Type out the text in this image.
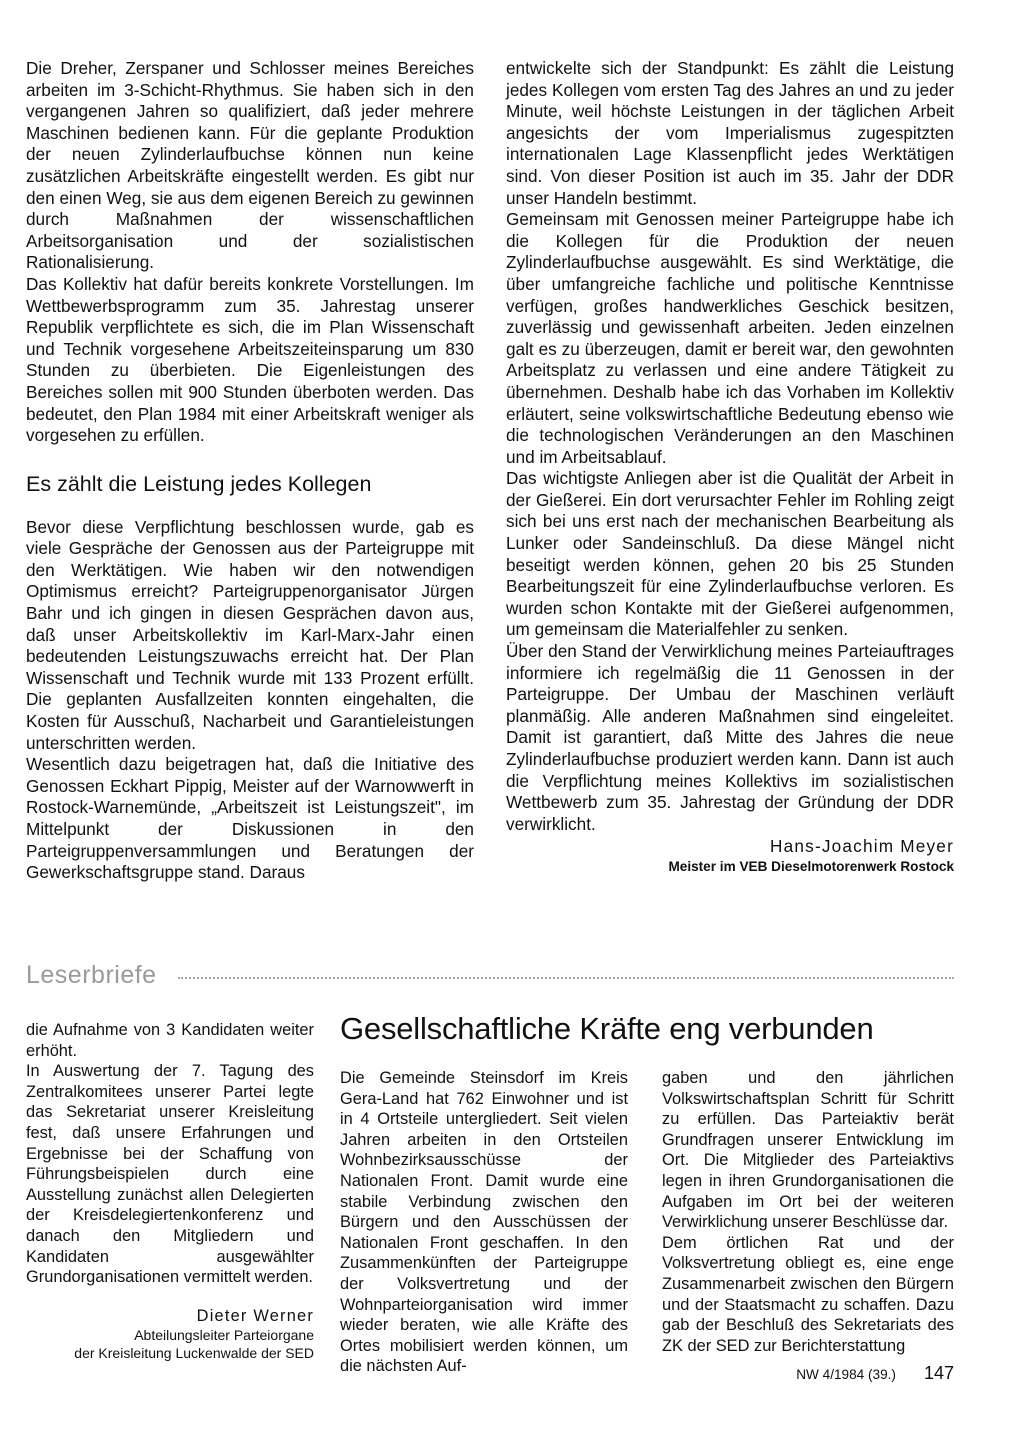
Die Dreher, Zerspaner und Schlosser meines Bereiches arbeiten im 3-Schicht-Rhythmus. Sie haben sich in den vergangenen Jahren so qualifiziert, daß jeder mehrere Maschinen bedienen kann. Für die geplante Produktion der neuen Zylinderlaufbuchse können nun keine zusätzlichen Arbeitskräfte eingestellt werden. Es gibt nur den einen Weg, sie aus dem eigenen Bereich zu gewinnen durch Maßnahmen der wissenschaftlichen Arbeitsorganisation und der sozialistischen Rationalisierung.

Das Kollektiv hat dafür bereits konkrete Vorstellungen. Im Wettbewerbsprogramm zum 35. Jahrestag unserer Republik verpflichtete es sich, die im Plan Wissenschaft und Technik vorgesehene Arbeitszeiteinsparung um 830 Stunden zu überbieten. Die Eigenleistungen des Bereiches sollen mit 900 Stunden überboten werden. Das bedeutet, den Plan 1984 mit einer Arbeitskraft weniger als vorgesehen zu erfüllen.

Es zählt die Leistung jedes Kollegen

Bevor diese Verpflichtung beschlossen wurde, gab es viele Gespräche der Genossen aus der Parteigruppe mit den Werktätigen. Wie haben wir den notwendigen Optimismus erreicht? Parteigruppenorganisator Jürgen Bahr und ich gingen in diesen Gesprächen davon aus, daß unser Arbeitskollektiv im Karl-Marx-Jahr einen bedeutenden Leistungszuwachs erreicht hat. Der Plan Wissenschaft und Technik wurde mit 133 Prozent erfüllt. Die geplanten Ausfallzeiten konnten eingehalten, die Kosten für Ausschuß, Nacharbeit und Garantieleistungen unterschritten werden.

Wesentlich dazu beigetragen hat, daß die Initiative des Genossen Eckhart Pippig, Meister auf der Warnowwerft in Rostock-Warnemünde, „Arbeitszeit ist Leistungszeit", im Mittelpunkt der Diskussionen in den Parteigruppenversammlungen und Beratungen der Gewerkschaftsgruppe stand. Daraus

entwickelte sich der Standpunkt: Es zählt die Leistung jedes Kollegen vom ersten Tag des Jahres an und zu jeder Minute, weil höchste Leistungen in der täglichen Arbeit angesichts der vom Imperialismus zugespitzten internationalen Lage Klassenpflicht jedes Werktätigen sind. Von dieser Position ist auch im 35. Jahr der DDR unser Handeln bestimmt.

Gemeinsam mit Genossen meiner Parteigruppe habe ich die Kollegen für die Produktion der neuen Zylinderlaufbuchse ausgewählt. Es sind Werktätige, die über umfangreiche fachliche und politische Kenntnisse verfügen, großes handwerkliches Geschick besitzen, zuverlässig und gewissenhaft arbeiten. Jeden einzelnen galt es zu überzeugen, damit er bereit war, den gewohnten Arbeitsplatz zu verlassen und eine andere Tätigkeit zu übernehmen. Deshalb habe ich das Vorhaben im Kollektiv erläutert, seine volkswirtschaftliche Bedeutung ebenso wie die technologischen Veränderungen an den Maschinen und im Arbeitsablauf.

Das wichtigste Anliegen aber ist die Qualität der Arbeit in der Gießerei. Ein dort verursachter Fehler im Rohling zeigt sich bei uns erst nach der mechanischen Bearbeitung als Lunker oder Sandeinschluß. Da diese Mängel nicht beseitigt werden können, gehen 20 bis 25 Stunden Bearbeitungszeit für eine Zylinderlaufbuchse verloren. Es wurden schon Kontakte mit der Gießerei aufgenommen, um gemeinsam die Materialfehler zu senken.

Über den Stand der Verwirklichung meines Parteiauftrages informiere ich regelmäßig die 11 Genossen in der Parteigruppe. Der Umbau der Maschinen verläuft planmäßig. Alle anderen Maßnahmen sind eingeleitet. Damit ist garantiert, daß Mitte des Jahres die neue Zylinderlaufbuchse produziert werden kann. Dann ist auch die Verpflichtung meines Kollektivs im sozialistischen Wettbewerb zum 35. Jahrestag der Gründung der DDR verwirklicht.

Hans-Joachim Meyer
Meister im VEB Dieselmotorenwerk Rostock
Leserbriefe

die Aufnahme von 3 Kandidaten weiter erhöht.

In Auswertung der 7. Tagung des Zentralkomitees unserer Partei legte das Sekretariat unserer Kreisleitung fest, daß unsere Erfahrungen und Ergebnisse bei der Schaffung von Führungsbeispielen durch eine Ausstellung zunächst allen Delegierten der Kreisdelegiertenkonferenz und danach den Mitgliedern und Kandidaten ausgewählter Grundorganisationen vermittelt werden.

Dieter Werner
Abteilungsleiter Parteiorgane
der Kreisleitung Luckenwalde der SED
Gesellschaftliche Kräfte eng verbunden

Die Gemeinde Steinsdorf im Kreis Gera-Land hat 762 Einwohner und ist in 4 Ortsteile untergliedert. Seit vielen Jahren arbeiten in den Ortsteilen Wohnbezirksausschüsse der Nationalen Front. Damit wurde eine stabile Verbindung zwischen den Bürgern und den Ausschüssen der Nationalen Front geschaffen. In den Zusammenkünften der Parteigruppe der Volksvertretung und der Wohnparteiorganisation wird immer wieder beraten, wie alle Kräfte des Ortes mobilisiert werden können, um die nächsten Auf-

gaben und den jährlichen Volkswirtschaftsplan Schritt für Schritt zu erfüllen. Das Parteiaktiv berät Grundfragen unserer Entwicklung im Ort. Die Mitglieder des Parteiaktivs legen in ihren Grundorganisationen die Aufgaben im Ort bei der weiteren Verwirklichung unserer Beschlüsse dar.

Dem örtlichen Rat und der Volksvertretung obliegt es, eine enge Zusammenarbeit zwischen den Bürgern und der Staatsmacht zu schaffen. Dazu gab der Beschluß des Sekretariats des ZK der SED zur Berichterstattung

NW 4/1984 (39.) 147
